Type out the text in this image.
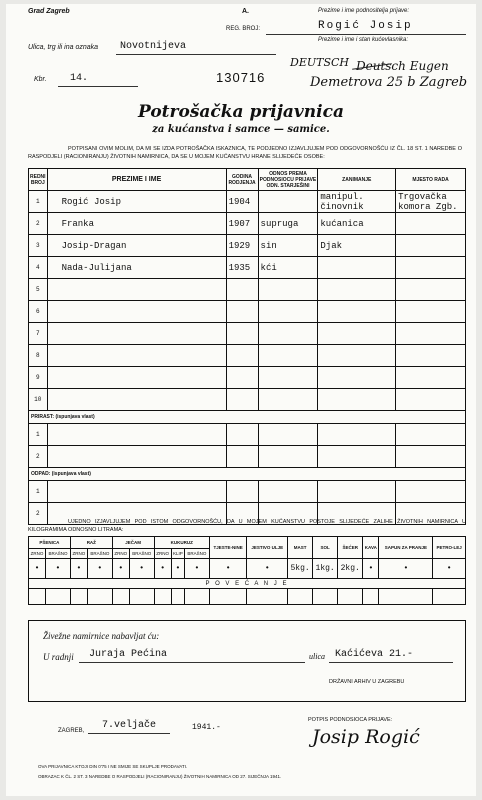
Grad Zagreb	A.	Prezime i ime podnositelja prijave:
REG. BROJ:	Rogić Josip
Prezime i ime i stan kućevlasnika:
Ulica, trg ili ina oznaka Novotnijeva
DEUTSCH Deutsch Eugen
Demetrova 25 b Zagreb
Kbr. 14.	130716
Potrošačka prijavnica
za kućanstva i samce — samice.
POTPISANI OVIM MOLIM, DA MI SE IZDA POTROŠAČKA ISKAZNICA, TE PODJEDNO IZJAVLJUJEM POD ODGOVORNOŠĆU IZ ČL. 18 ST. 1 NAREDBE O RASPODJELI (RACIONIRANJU) ŽIVOTNIH NAMIRNICA, DA SE U MOJEM KUĆANSTVU HRANE SLIJEDEĆE OSOBE:
REDNI BROJ	PREZIME I IME	GODINA RODJENJA	ODNOS PREMA PODNOSIOCU PRIJAVE ODN. STARJEŠINI	ZANIMANJE	MJESTO RADA
1	Rogić Josip	1904		manipul. činovnik	Trgovačka komora Zgb.
2	Franka	1907	supruga	kućanica	
3	Josip-Dragan	1929	sin	Djak	
4	Nada-Julijana	1935	kći		
5					
6					
7					
8					
9					
10					
PRIRAST: (ispunjava vlast)					
1					
2					
ODPAD: (ispunjava vlast)					
1					
2					
UJEDNO IZJAVLJUJEM POD ISTOM ODGOVORNOŠĆU, DA U MOJEM KUĆANSTVU POSTOJE SLIJEDEĆE ZALIHE ŽIVOTNIH NAMIRNICA U KILOGRAMIMA ODNOSNO LITRAMA:
PŠENICA		RAŽ		JEČAM		KUKURUZ			TJESTE-NINE	JESTIVO ULJE	MAST	SOL	ŠEĆER	KAVA	SAPUN ZA PRANJE	PETRO-LEJ
ZRNO	BRAŠNO	ZRNO	BRAŠNO	ZRNO	BRAŠNO	ZRNO	KLIP	BRAŠNO								
•	•	•	•	•	•	•	•	•	•	•	5kg.	1kg.	2kg.	•	•	•
P O V E Ć A N J E																

Živežne namirnice nabavljat ću:
U radnji Juraja Pećina	ulica Kaćićeva 21.-
DRŽAVNI ARHIV U ZAGREBU
ZAGREB, 7.veljače	1941.-
POTPIS PODNOSIOCA PRIJAVE:
Josip Rogić
OVA PRIJAVNICA KTOJI DIN 0'75 I NE SMIJE SE SKUPLJE PRODAVATI.
OBRAZAC K ČL. 2 ST. 3 NAREDBE O RASPODJELI (RACIONIRANJU) ŽIVOTNIH NAMIRNICA OD 27. SIJEČNJA 1941.
